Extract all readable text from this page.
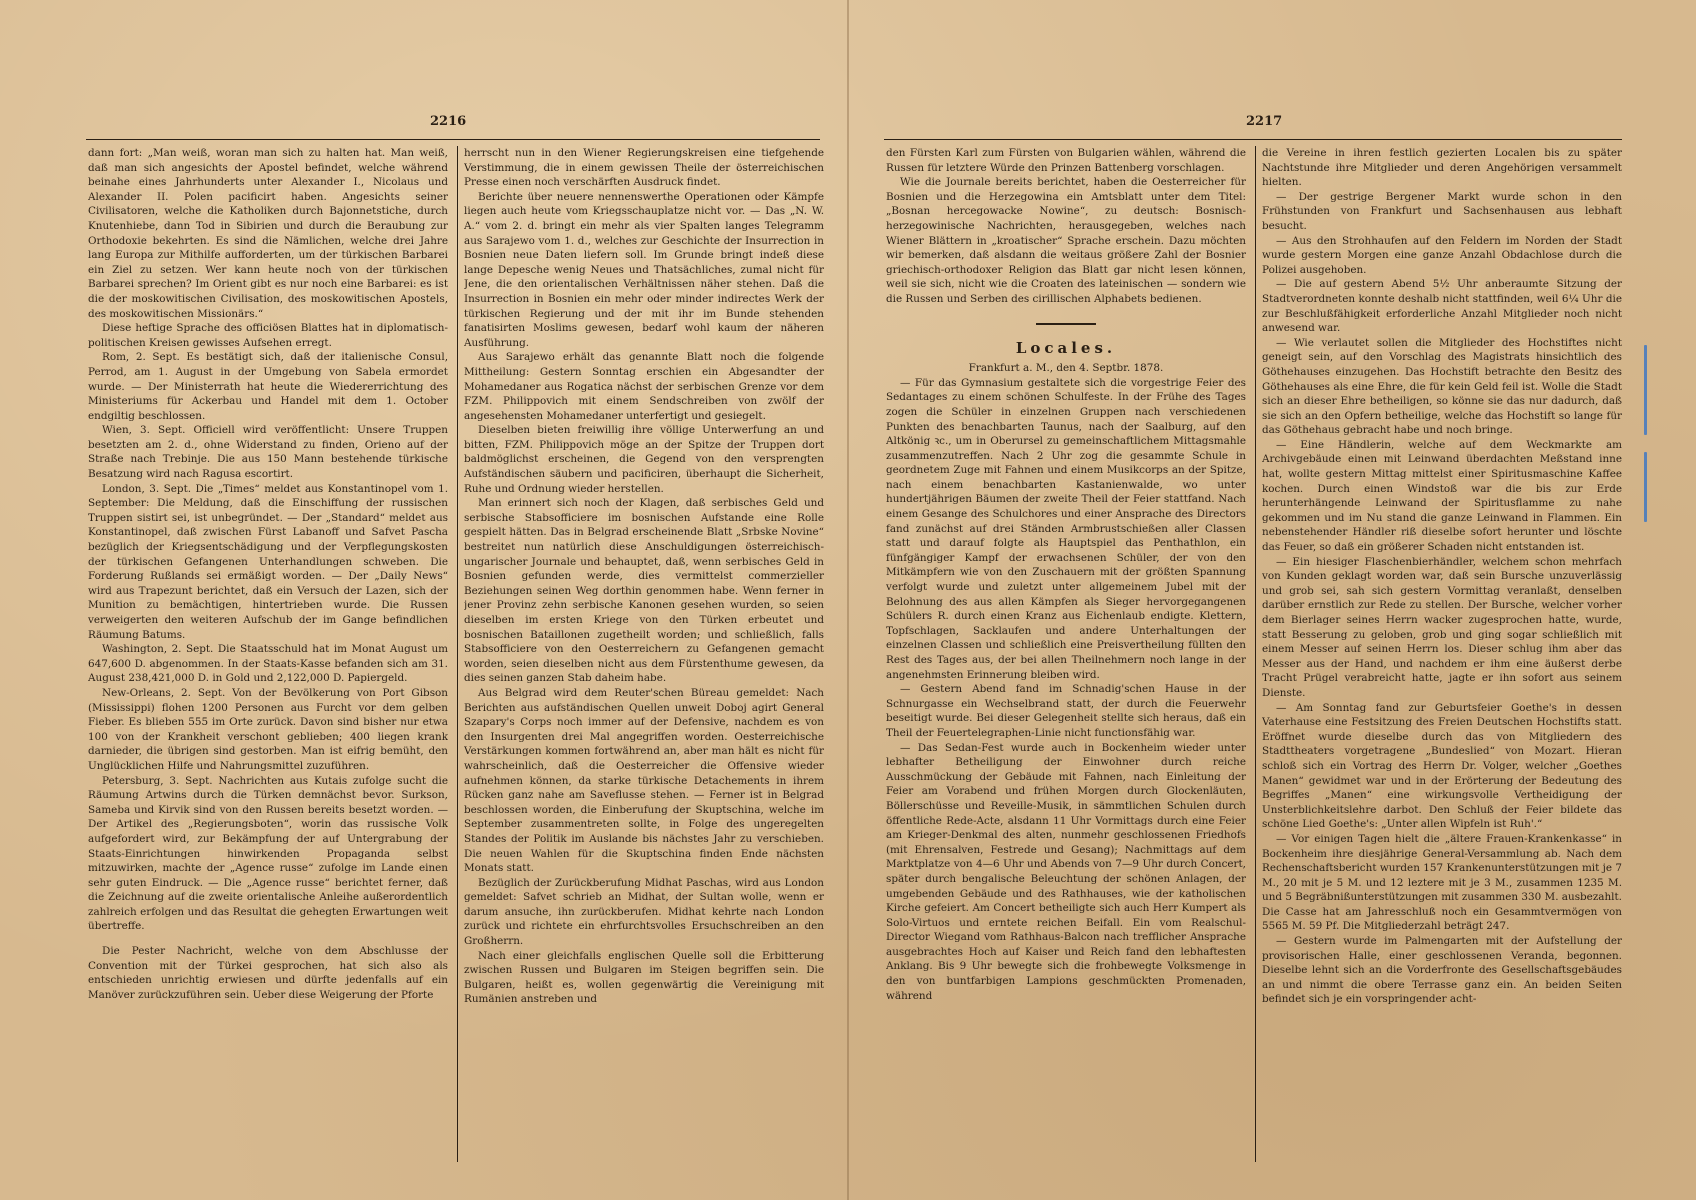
2216	2217

dann fort: „Man weiß, woran man sich zu halten hat. Man weiß, daß man sich angesichts der Apostel befindet, welche während beinahe eines Jahrhunderts unter Alexander I., Nicolaus und Alexander II. Polen pacificirt haben. Angesichts seiner Civilisatoren, welche die Katholiken durch Bajonnetstiche, durch Knutenhiebe, dann Tod in Sibirien und durch die Beraubung zur Orthodoxie bekehrten. Es sind die Nämlichen, welche drei Jahre lang Europa zur Mithilfe aufforderten, um der türkischen Barbarei ein Ziel zu setzen. Wer kann heute noch von der türkischen Barbarei sprechen? Im Orient gibt es nur noch eine Barbarei: es ist die der moskowitischen Civilisation, des moskowitischen Apostels, des moskowitischen Missionärs.“

Diese heftige Sprache des officiösen Blattes hat in diplomatisch-politischen Kreisen gewisses Aufsehen erregt.

Rom, 2. Sept. Es bestätigt sich, daß der italienische Consul, Perrod, am 1. August in der Umgebung von Sabela ermordet wurde. — Der Ministerrath hat heute die Wiedererrichtung des Ministeriums für Ackerbau und Handel mit dem 1. October endgiltig beschlossen.

Wien, 3. Sept. Officiell wird veröffentlicht: Unsere Truppen besetzten am 2. d., ohne Widerstand zu finden, Orieno auf der Straße nach Trebinje. Die aus 150 Mann bestehende türkische Besatzung wird nach Ragusa escortirt.

London, 3. Sept. Die „Times“ meldet aus Konstantinopel vom 1. September: Die Meldung, daß die Einschiffung der russischen Truppen sistirt sei, ist unbegründet. — Der „Standard“ meldet aus Konstantinopel, daß zwischen Fürst Labanoff und Safvet Pascha bezüglich der Kriegsentschädigung und der Verpflegungskosten der türkischen Gefangenen Unterhandlungen schweben. Die Forderung Rußlands sei ermäßigt worden. — Der „Daily News“ wird aus Trapezunt berichtet, daß ein Versuch der Lazen, sich der Munition zu bemächtigen, hintertrieben wurde. Die Russen verweigerten den weiteren Aufschub der im Gange befindlichen Räumung Batums.

Washington, 2. Sept. Die Staatsschuld hat im Monat August um 647,600 D. abgenommen. In der Staats-Kasse befanden sich am 31. August 238,421,000 D. in Gold und 2,122,000 D. Papiergeld.

New-Orleans, 2. Sept. Von der Bevölkerung von Port Gibson (Mississippi) flohen 1200 Personen aus Furcht vor dem gelben Fieber. Es blieben 555 im Orte zurück. Davon sind bisher nur etwa 100 von der Krankheit verschont geblieben; 400 liegen krank darnieder, die übrigen sind gestorben. Man ist eifrig bemüht, den Unglücklichen Hilfe und Nahrungsmittel zuzuführen.

Petersburg, 3. Sept. Nachrichten aus Kutais zufolge sucht die Räumung Artwins durch die Türken demnächst bevor. Surkson, Sameba und Kirvik sind von den Russen bereits besetzt worden. — Der Artikel des „Regierungsboten“, worin das russische Volk aufgefordert wird, zur Bekämpfung der auf Untergrabung der Staats-Einrichtungen hinwirkenden Propaganda selbst mitzuwirken, machte der „Agence russe“ zufolge im Lande einen sehr guten Eindruck. — Die „Agence russe“ berichtet ferner, daß die Zeichnung auf die zweite orientalische Anleihe außerordentlich zahlreich erfolgen und das Resultat die gehegten Erwartungen weit übertreffe.

Die Pester Nachricht, welche von dem Abschlusse der Convention mit der Türkei gesprochen, hat sich also als entschieden unrichtig erwiesen und dürfte jedenfalls auf ein Manöver zurückzuführen sein. Ueber diese Weigerung der Pforte

herrscht nun in den Wiener Regierungskreisen eine tiefgehende Verstimmung, die in einem gewissen Theile der österreichischen Presse einen noch verschärften Ausdruck findet.

Berichte über neuere nennenswerthe Operationen oder Kämpfe liegen auch heute vom Kriegsschauplatze nicht vor. — Das „N. W. A.“ vom 2. d. bringt ein mehr als vier Spalten langes Telegramm aus Sarajewo vom 1. d., welches zur Geschichte der Insurrection in Bosnien neue Daten liefern soll. Im Grunde bringt indeß diese lange Depesche wenig Neues und Thatsächliches, zumal nicht für Jene, die den orientalischen Verhältnissen näher stehen. Daß die Insurrection in Bosnien ein mehr oder minder indirectes Werk der türkischen Regierung und der mit ihr im Bunde stehenden fanatisirten Moslims gewesen, bedarf wohl kaum der näheren Ausführung.

Aus Sarajewo erhält das genannte Blatt noch die folgende Mittheilung: Gestern Sonntag erschien ein Abgesandter der Mohamedaner aus Rogatica nächst der serbischen Grenze vor dem FZM. Philippovich mit einem Sendschreiben von zwölf der angesehensten Mohamedaner unterfertigt und gesiegelt.

Dieselben bieten freiwillig ihre völlige Unterwerfung an und bitten, FZM. Philippovich möge an der Spitze der Truppen dort baldmöglichst erscheinen, die Gegend von den versprengten Aufständischen säubern und pacificiren, überhaupt die Sicherheit, Ruhe und Ordnung wieder herstellen.

Man erinnert sich noch der Klagen, daß serbisches Geld und serbische Stabsofficiere im bosnischen Aufstande eine Rolle gespielt hätten. Das in Belgrad erscheinende Blatt „Srbske Novine“ bestreitet nun natürlich diese Anschuldigungen österreichisch-ungarischer Journale und behauptet, daß, wenn serbisches Geld in Bosnien gefunden werde, dies vermittelst commerzieller Beziehungen seinen Weg dorthin genommen habe. Wenn ferner in jener Provinz zehn serbische Kanonen gesehen wurden, so seien dieselben im ersten Kriege von den Türken erbeutet und bosnischen Bataillonen zugetheilt worden; und schließlich, falls Stabsofficiere von den Oesterreichern zu Gefangenen gemacht worden, seien dieselben nicht aus dem Fürstenthume gewesen, da dies seinen ganzen Stab daheim habe.

Aus Belgrad wird dem Reuter'schen Büreau gemeldet: Nach Berichten aus aufständischen Quellen unweit Doboj agirt General Szapary's Corps noch immer auf der Defensive, nachdem es von den Insurgenten drei Mal angegriffen worden. Oesterreichische Verstärkungen kommen fortwährend an, aber man hält es nicht für wahrscheinlich, daß die Oesterreicher die Offensive wieder aufnehmen können, da starke türkische Detachements in ihrem Rücken ganz nahe am Saveflusse stehen. — Ferner ist in Belgrad beschlossen worden, die Einberufung der Skuptschina, welche im September zusammentreten sollte, in Folge des ungeregelten Standes der Politik im Auslande bis nächstes Jahr zu verschieben. Die neuen Wahlen für die Skuptschina finden Ende nächsten Monats statt.

Bezüglich der Zurückberufung Midhat Paschas, wird aus London gemeldet: Safvet schrieb an Midhat, der Sultan wolle, wenn er darum ansuche, ihn zurückberufen. Midhat kehrte nach London zurück und richtete ein ehrfurchtsvolles Ersuchschreiben an den Großherrn.

Nach einer gleichfalls englischen Quelle soll die Erbitterung zwischen Russen und Bulgaren im Steigen begriffen sein. Die Bulgaren, heißt es, wollen gegenwärtig die Vereinigung mit Rumänien anstreben und

den Fürsten Karl zum Fürsten von Bulgarien wählen, während die Russen für letztere Würde den Prinzen Battenberg vorschlagen.

Wie die Journale bereits berichtet, haben die Oesterreicher für Bosnien und die Herzegowina ein Amtsblatt unter dem Titel: „Bosnan hercegowacke Nowine“, zu deutsch: Bosnisch-herzegowinische Nachrichten, herausgegeben, welches nach Wiener Blättern in „kroatischer“ Sprache erschein. Dazu möchten wir bemerken, daß alsdann die weitaus größere Zahl der Bosnier griechisch-orthodoxer Religion das Blatt gar nicht lesen können, weil sie sich, nicht wie die Croaten des lateinischen — sondern wie die Russen und Serben des cirillischen Alphabets bedienen.

Locales.

Frankfurt a. M., den 4. Septbr. 1878.

— Für das Gymnasium gestaltete sich die vorgestrige Feier des Sedantages zu einem schönen Schulfeste. In der Frühe des Tages zogen die Schüler in einzelnen Gruppen nach verschiedenen Punkten des benachbarten Taunus, nach der Saalburg, auf den Altkönig ꝛc., um in Oberursel zu gemeinschaftlichem Mittagsmahle zusammenzutreffen. Nach 2 Uhr zog die gesammte Schule in geordnetem Zuge mit Fahnen und einem Musikcorps an der Spitze, nach einem benachbarten Kastanienwalde, wo unter hundertjährigen Bäumen der zweite Theil der Feier stattfand. Nach einem Gesange des Schulchores und einer Ansprache des Directors fand zunächst auf drei Ständen Armbrustschießen aller Classen statt und darauf folgte als Hauptspiel das Penthathlon, ein fünfgängiger Kampf der erwachsenen Schüler, der von den Mitkämpfern wie von den Zuschauern mit der größten Spannung verfolgt wurde und zuletzt unter allgemeinem Jubel mit der Belohnung des aus allen Kämpfen als Sieger hervorgegangenen Schülers R. durch einen Kranz aus Eichenlaub endigte. Klettern, Topfschlagen, Sacklaufen und andere Unterhaltungen der einzelnen Classen und schließlich eine Preisvertheilung füllten den Rest des Tages aus, der bei allen Theilnehmern noch lange in der angenehmsten Erinnerung bleiben wird.

— Gestern Abend fand im Schnadig'schen Hause in der Schnurgasse ein Wechselbrand statt, der durch die Feuerwehr beseitigt wurde. Bei dieser Gelegenheit stellte sich heraus, daß ein Theil der Feuertelegraphen-Linie nicht functionsfähig war.

— Das Sedan-Fest wurde auch in Bockenheim wieder unter lebhafter Betheiligung der Einwohner durch reiche Ausschmückung der Gebäude mit Fahnen, nach Einleitung der Feier am Vorabend und frühen Morgen durch Glockenläuten, Böllerschüsse und Reveille-Musik, in sämmtlichen Schulen durch öffentliche Rede-Acte, alsdann 11 Uhr Vormittags durch eine Feier am Krieger-Denkmal des alten, nunmehr geschlossenen Friedhofs (mit Ehrensalven, Festrede und Gesang); Nachmittags auf dem Marktplatze von 4—6 Uhr und Abends von 7—9 Uhr durch Concert, später durch bengalische Beleuchtung der schönen Anlagen, der umgebenden Gebäude und des Rathhauses, wie der katholischen Kirche gefeiert. Am Concert betheiligte sich auch Herr Kumpert als Solo-Virtuos und erntete reichen Beifall. Ein vom Realschul-Director Wiegand vom Rathhaus-Balcon nach trefflicher Ansprache ausgebrachtes Hoch auf Kaiser und Reich fand den lebhaftesten Anklang. Bis 9 Uhr bewegte sich die frohbewegte Volksmenge in den von buntfarbigen Lampions geschmückten Promenaden, während

die Vereine in ihren festlich gezierten Localen bis zu später Nachtstunde ihre Mitglieder und deren Angehörigen versammelt hielten.

— Der gestrige Bergener Markt wurde schon in den Frühstunden von Frankfurt und Sachsenhausen aus lebhaft besucht.

— Aus den Strohhaufen auf den Feldern im Norden der Stadt wurde gestern Morgen eine ganze Anzahl Obdachlose durch die Polizei ausgehoben.

— Die auf gestern Abend 5½ Uhr anberaumte Sitzung der Stadtverordneten konnte deshalb nicht stattfinden, weil 6¼ Uhr die zur Beschlußfähigkeit erforderliche Anzahl Mitglieder noch nicht anwesend war.

— Wie verlautet sollen die Mitglieder des Hochstiftes nicht geneigt sein, auf den Vorschlag des Magistrats hinsichtlich des Göthehauses einzugehen. Das Hochstift betrachte den Besitz des Göthehauses als eine Ehre, die für kein Geld feil ist. Wolle die Stadt sich an dieser Ehre betheiligen, so könne sie das nur dadurch, daß sie sich an den Opfern betheilige, welche das Hochstift so lange für das Göthehaus gebracht habe und noch bringe.

— Eine Händlerin, welche auf dem Weckmarkte am Archivgebäude einen mit Leinwand überdachten Meßstand inne hat, wollte gestern Mittag mittelst einer Spiritusmaschine Kaffee kochen. Durch einen Windstoß war die bis zur Erde herunterhängende Leinwand der Spiritusflamme zu nahe gekommen und im Nu stand die ganze Leinwand in Flammen. Ein nebenstehender Händler riß dieselbe sofort herunter und löschte das Feuer, so daß ein größerer Schaden nicht entstanden ist.

— Ein hiesiger Flaschenbierhändler, welchem schon mehrfach von Kunden geklagt worden war, daß sein Bursche unzuverlässig und grob sei, sah sich gestern Vormittag veranlaßt, denselben darüber ernstlich zur Rede zu stellen. Der Bursche, welcher vorher dem Bierlager seines Herrn wacker zugesprochen hatte, wurde, statt Besserung zu geloben, grob und ging sogar schließlich mit einem Messer auf seinen Herrn los. Dieser schlug ihm aber das Messer aus der Hand, und nachdem er ihm eine äußerst derbe Tracht Prügel verabreicht hatte, jagte er ihn sofort aus seinem Dienste.

— Am Sonntag fand zur Geburtsfeier Goethe's in dessen Vaterhause eine Festsitzung des Freien Deutschen Hochstifts statt. Eröffnet wurde dieselbe durch das von Mitgliedern des Stadttheaters vorgetragene „Bundeslied“ von Mozart. Hieran schloß sich ein Vortrag des Herrn Dr. Volger, welcher „Goethes Manen“ gewidmet war und in der Erörterung der Bedeutung des Begriffes „Manen“ eine wirkungsvolle Vertheidigung der Unsterblichkeitslehre darbot. Den Schluß der Feier bildete das schöne Lied Goethe's: „Unter allen Wipfeln ist Ruh'.“

— Vor einigen Tagen hielt die „ältere Frauen-Krankenkasse“ in Bockenheim ihre diesjährige General-Versammlung ab. Nach dem Rechenschaftsbericht wurden 157 Krankenunterstützungen mit je 7 M., 20 mit je 5 M. und 12 leztere mit je 3 M., zusammen 1235 M. und 5 Begräbnißunterstützungen mit zusammen 330 M. ausbezahlt. Die Casse hat am Jahresschluß noch ein Gesammtvermögen von 5565 M. 59 Pf. Die Mitgliederzahl beträgt 247.

— Gestern wurde im Palmengarten mit der Aufstellung der provisorischen Halle, einer geschlossenen Veranda, begonnen. Dieselbe lehnt sich an die Vorderfronte des Gesellschaftsgebäudes an und nimmt die obere Terrasse ganz ein. An beiden Seiten befindet sich je ein vorspringender acht-
